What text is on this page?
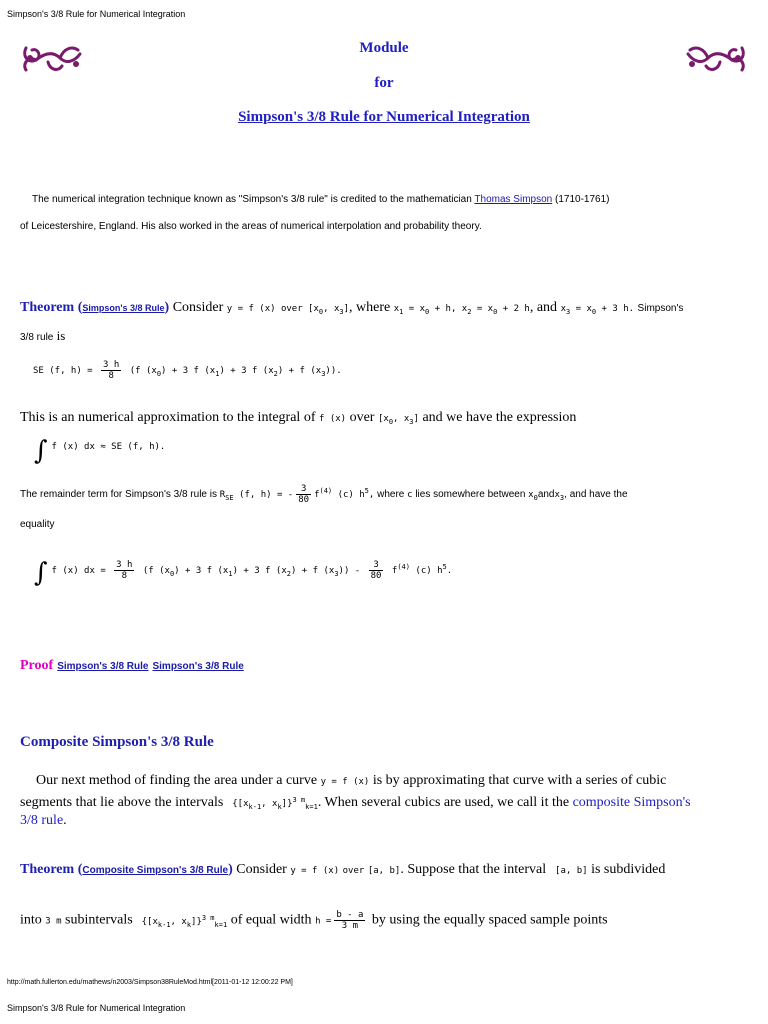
Simpson's 3/8 Rule for Numerical Integration
Module
for
Simpson's 3/8 Rule for Numerical Integration
The numerical integration technique known as "Simpson's 3/8 rule" is credited to the mathematician Thomas Simpson (1710-1761)
of Leicestershire, England. His also worked in the areas of numerical interpolation and probability theory.
Theorem (Simpson's 3/8 Rule) Consider y = f (x) over [$x_0$, $x_3$], where $x_1 = x_0 + h$, $x_2 = x_0 + 2$ h, and $x_3 = x_0 + 3$ h. Simpson's
3/8 rule is
SE (f, $h) = \frac{3 h}{8} (f$ $(x_0) + 3$ f $(x_1) + 3$ f $(x_2) + f$ $(x_3)$).
This is an numerical approximation to the integral of f (x) over [$x_0$, $x_3$] and we have the expression
∫ $^{f (x) dx \approx SE (f, h).}$
The remainder term for Simpson's 3/8 rule is $R_{SE}$ (f, h) = - $\frac{3}{80} f^{(4)}$ (c) $h^5$, where c lies somewhere between $x_0andx_3$, and have the
equality
∫ $^{f (x) dx = \frac{3 h}{8} (f (x_0) + 3 f (x_1) + 3 f (x_2) + f (x_3)) - \frac{3}{80} f^{(4)} (c) h^5.}$
Proof Simpson's 3/8 Rule Simpson's 3/8 Rule
Composite Simpson's 3/8 Rule
Our next method of finding the area under a curve y = f (x) is by approximating that curve with a series of cubic
segments that lie above the intervals  {[$x_{k-1}$, $x_k]\}^{3 m}_{k=1}$. When several cubics are used, we call it the composite Simpson's
3/8 rule.
Theorem (Composite Simpson's 3/8 Rule) Consider y = f (x) over [a, b]. Suppose that the interval  [a, b] is subdivided
into 3 m subintervals  {[$x_{k-1}$, $x_k]\}^{3 m}_{k=1}$ of equal width $h = \frac{b - a}{3 m}$ by using the equally spaced sample points
http://math.fullerton.edu/mathews/n2003/Simpson38RuleMod.html[2011-01-12 12:00:22 PM]
Simpson's 3/8 Rule for Numerical Integration
